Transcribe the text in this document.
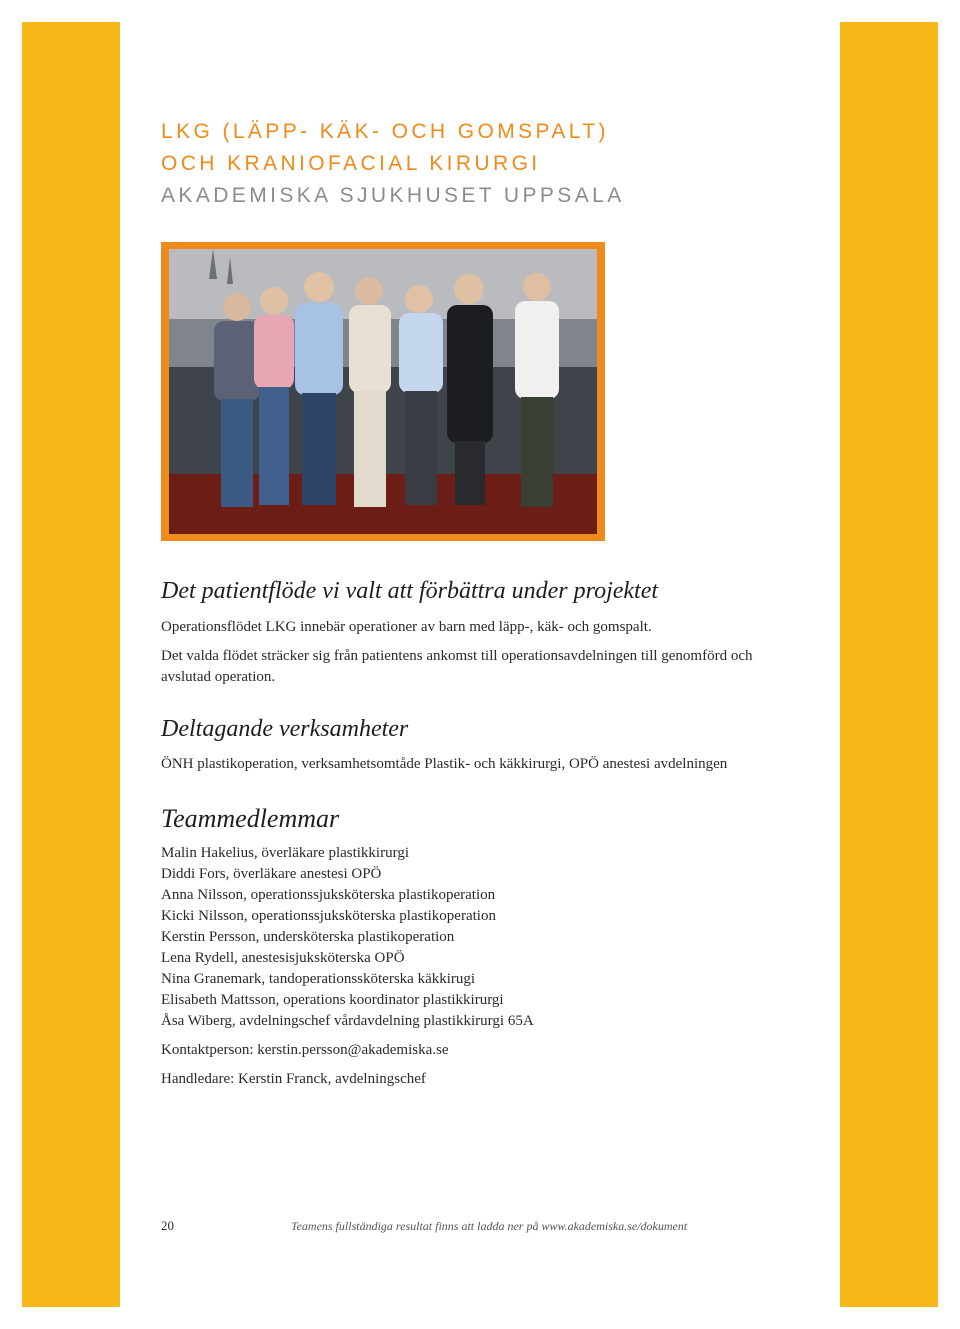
LKG (LÄPP- KÄK- OCH GOMSPALT)
OCH KRANIOFACIAL KIRURGI
AKADEMISKA SJUKHUSET UPPSALA
Det patientflöde vi valt att förbättra under projektet

Operationsflödet LKG innebär operationer av barn med läpp-, käk- och gomspalt.

Det valda flödet sträcker sig från patientens ankomst till operationsavdelningen till genomförd och avslutad operation.

Deltagande verksamheter

ÖNH plastikoperation, verksamhetsomtåde Plastik- och käkkirurgi, OPÖ anestesi avdelningen

Teammedlemmar
Malin Hakelius, överläkare plastikkirurgi
Diddi Fors, överläkare anestesi OPÖ
Anna Nilsson, operationssjuksköterska plastikoperation
Kicki Nilsson, operationssjuksköterska plastikoperation
Kerstin Persson, undersköterska plastikoperation
Lena Rydell, anestesisjuksköterska OPÖ
Nina Granemark, tandoperationssköterska käkkirugi
Elisabeth Mattsson, operations koordinator plastikkirurgi
Åsa Wiberg, avdelningschef vårdavdelning plastikkirurgi 65A
Kontaktperson: kerstin.persson@akademiska.se
Handledare: Kerstin Franck, avdelningschef
20	Teamens fullständiga resultat finns att ladda ner på www.akademiska.se/dokument
